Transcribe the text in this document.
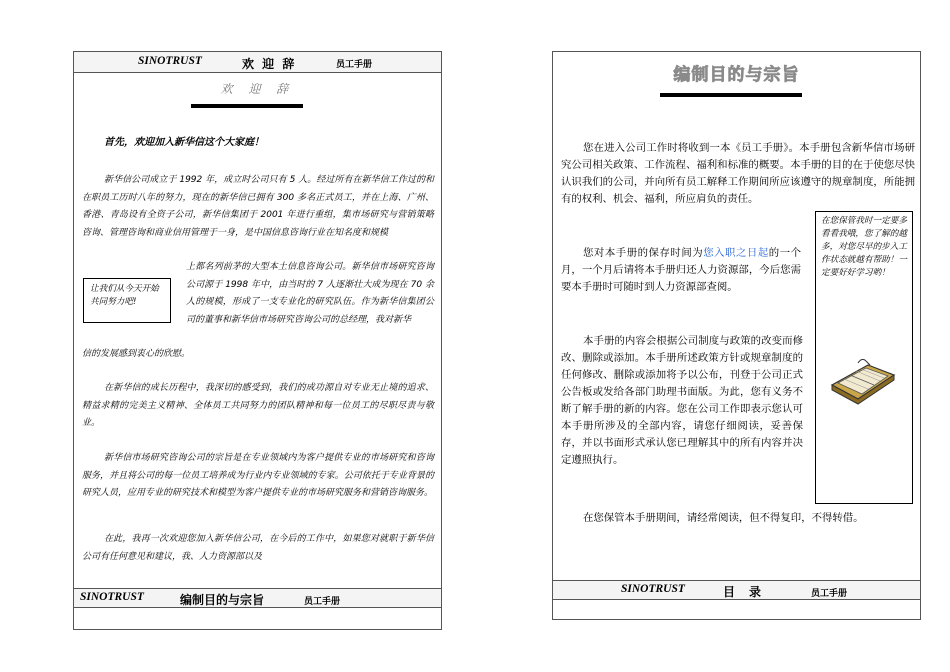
SINOTRUST	欢 迎 辞	员工手册
欢 迎 辞
首先，欢迎加入新华信这个大家庭！

新华信公司成立于 1992 年，成立时公司只有 5 人。经过所有在新华信工作过的和在职员工历时八年的努力，现在的新华信已拥有 300 多名正式员工，并在上海、广州、香港、青岛设有全资子公司，新华信集团于 2001 年进行重组，集市场研究与营销策略咨询、管理咨询和商业信用管理于一身，是中国信息咨询行业在知名度和规模

上都名列前茅的大型本土信息咨询公司。新华信市场研究咨询公司源于 1998 年中，由当时的 7 人逐渐壮大成为现在 70 余人的规模，形成了一支专业化的研究队伍。作为新华信集团公司的董事和新华信市场研究咨询公司的总经理，我对新华

信的发展感到衷心的欣慰。

让我们从今天开始共同努力吧!

在新华信的成长历程中，我深切的感受到，我们的成功源自对专业无止境的追求、精益求精的完美主义精神、全体员工共同努力的团队精神和每一位员工的尽职尽责与敬业。

新华信市场研究咨询公司的宗旨是在专业领域内为客户提供专业的市场研究和咨询服务，并且将公司的每一位员工培养成为行业内专业领域的专家。公司依托于专业背景的研究人员，应用专业的研究技术和模型为客户提供专业的市场研究服务和营销咨询服务。

在此，我再一次欢迎您加入新华信公司，在今后的工作中，如果您对就职于新华信公司有任何意见和建议，我、人力资源部以及

SINOTRUST	编制目的与宗旨	员工手册
编制目的与宗旨

您在进入公司工作时将收到一本《员工手册》。本手册包含新华信市场研究公司相关政策、工作流程、福利和标准的概要。本手册的目的在于使您尽快认识我们的公司，并向所有员工解释工作期间所应该遵守的规章制度，所能拥有的权利、机会、福利，所应肩负的责任。

您对本手册的保存时间为您入职之日起的一个月，一个月后请将本手册归还人力资源部，今后您需要本手册时可随时到人力资源部查阅。

在您保管我时一定要多看看我哦，您了解的越多，对您尽早的步入工作状态就越有帮助！一定要好好学习哟！

本手册的内容会根据公司制度与政策的改变而修改、删除或添加。本手册所述政策方针或规章制度的任何修改、删除或添加将予以公布，刊登于公司正式公告板或发给各部门助理书面版。为此，您有义务不断了解手册的新的内容。您在公司工作即表示您认可本手册所涉及的全部内容，请您仔细阅读，妥善保存，并以书面形式承认您已理解其中的所有内容并决定遵照执行。

在您保管本手册期间，请经常阅读，但不得复印，不得转借。

SINOTRUST	目　录	员工手册
